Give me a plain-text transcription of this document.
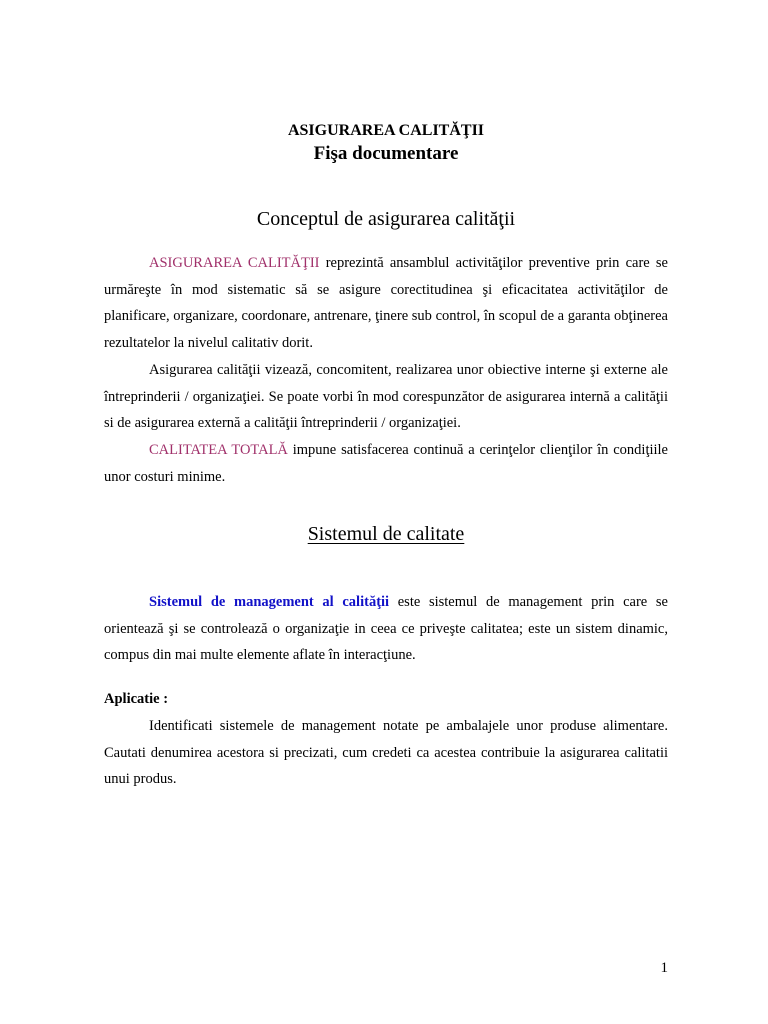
ASIGURAREA CALITĂŢII
Fişa documentare
Conceptul de asigurarea calităţii

ASIGURAREA CALITĂŢII reprezintă ansamblul activităţilor preventive prin care se urmăreşte în mod sistematic să se asigure corectitudinea şi eficacitatea activităţilor de planificare, organizare, coordonare, antrenare, ţinere sub control, în scopul de a garanta obţinerea rezultatelor la nivelul calitativ dorit.

Asigurarea calităţii vizează, concomitent, realizarea unor obiective interne şi externe ale întreprinderii / organizaţiei. Se poate vorbi în mod corespunzător de asigurarea internă a calităţii si de asigurarea externă a calităţii întreprinderii / organizaţiei.

CALITATEA TOTALĂ impune satisfacerea continuă a cerinţelor clienţilor în condiţiile unor costuri minime.

Sistemul de calitate

Sistemul de management al calităţii este sistemul de management prin care se orientează şi se controlează o organizaţie in ceea ce priveşte calitatea; este un sistem dinamic, compus din mai multe elemente aflate în interacţiune.

Aplicatie :

Identificati sistemele de management notate pe ambalajele unor produse alimentare. Cautati denumirea acestora si precizati, cum credeti ca acestea contribuie la asigurarea calitatii unui produs.

1
